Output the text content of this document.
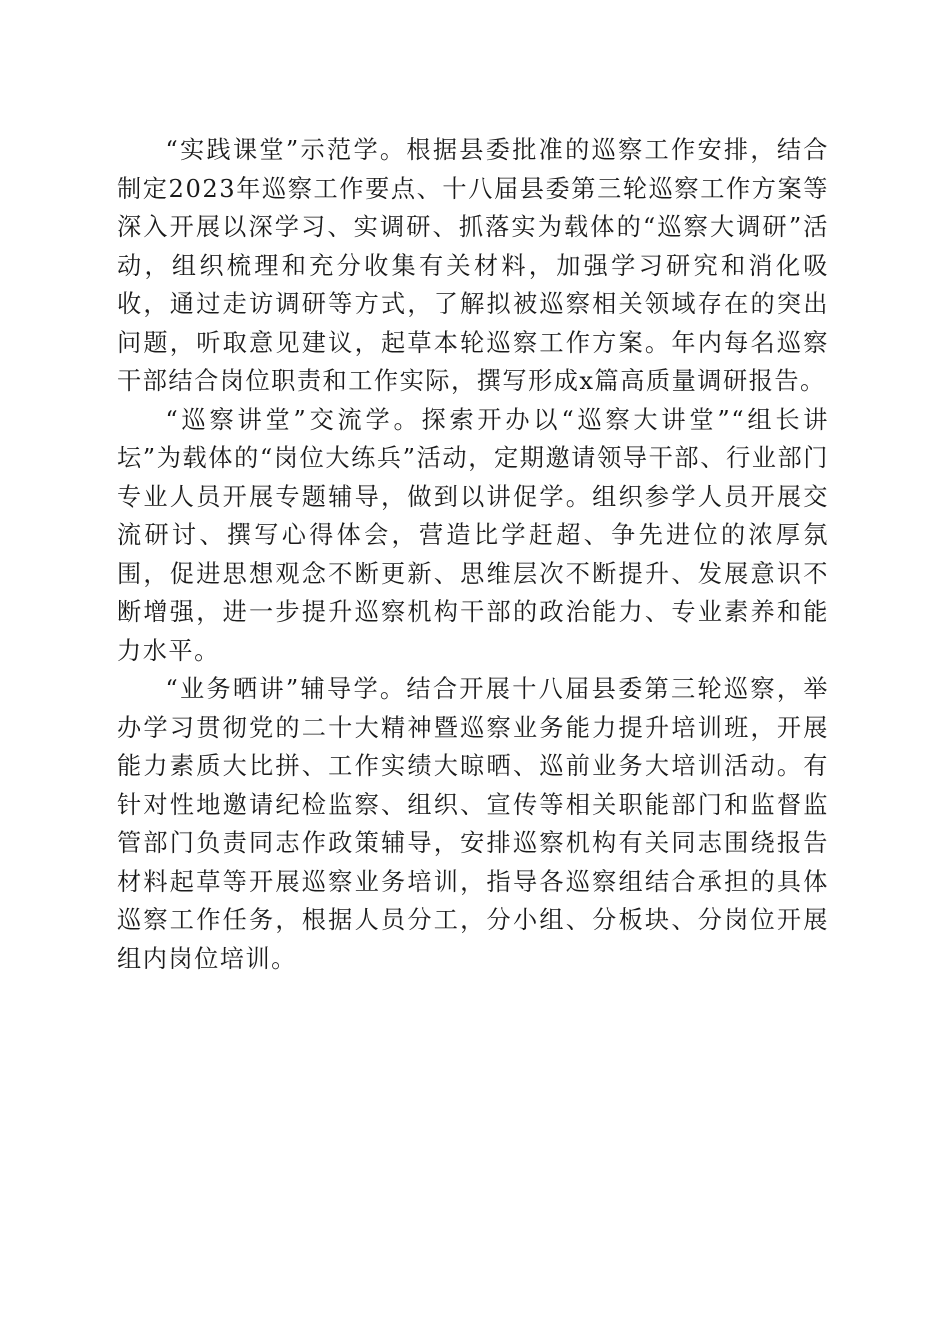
“实践课堂”示范学。根据县委批准的巡察工作安排，结合制定2023年巡察工作要点、十八届县委第三轮巡察工作方案等深入开展以深学习、实调研、抓落实为载体的“巡察大调研”活动，组织梳理和充分收集有关材料，加强学习研究和消化吸收，通过走访调研等方式，了解拟被巡察相关领域存在的突出问题，听取意见建议，起草本轮巡察工作方案。年内每名巡察干部结合岗位职责和工作实际，撰写形成x篇高质量调研报告。

“巡察讲堂”交流学。探索开办以“巡察大讲堂”“组长讲坛”为载体的“岗位大练兵”活动，定期邀请领导干部、行业部门专业人员开展专题辅导，做到以讲促学。组织参学人员开展交流研讨、撰写心得体会，营造比学赶超、争先进位的浓厚氛围，促进思想观念不断更新、思维层次不断提升、发展意识不断增强，进一步提升巡察机构干部的政治能力、专业素养和能力水平。

“业务晒讲”辅导学。结合开展十八届县委第三轮巡察，举办学习贯彻党的二十大精神暨巡察业务能力提升培训班，开展能力素质大比拼、工作实绩大晾晒、巡前业务大培训活动。有针对性地邀请纪检监察、组织、宣传等相关职能部门和监督监管部门负责同志作政策辅导，安排巡察机构有关同志围绕报告材料起草等开展巡察业务培训，指导各巡察组结合承担的具体巡察工作任务，根据人员分工，分小组、分板块、分岗位开展组内岗位培训。
